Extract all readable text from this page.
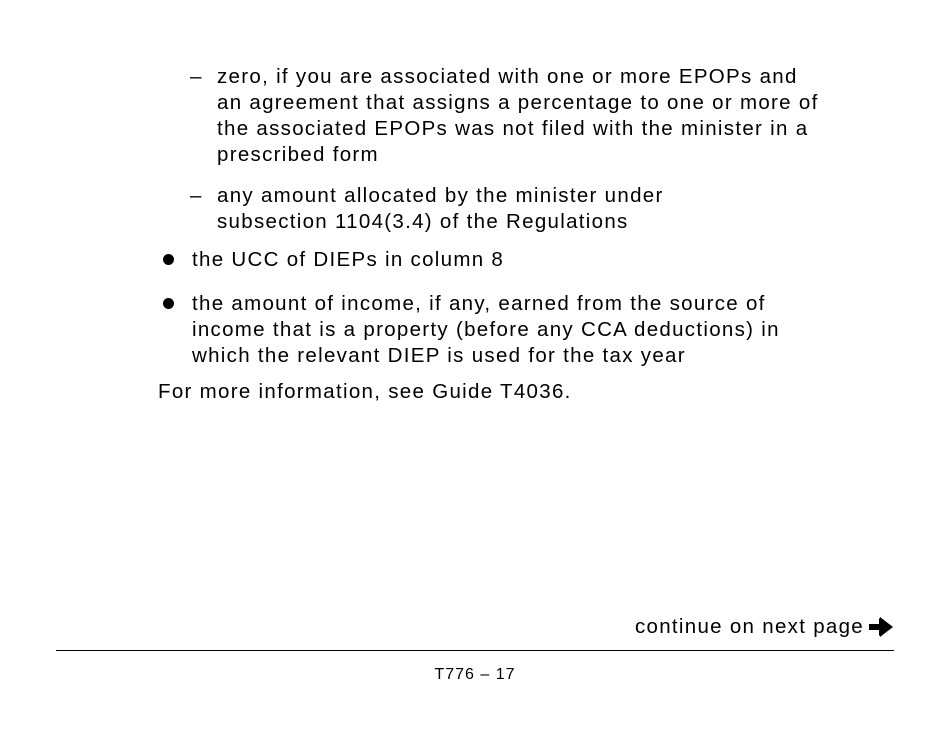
– zero, if you are associated with one or more EPOPs and
an agreement that assigns a percentage to one or more of
the associated EPOPs was not filed with the minister in a
prescribed form
– any amount allocated by the minister under
subsection 1104(3.4) of the Regulations
the UCC of DIEPs in column 8
the amount of income, if any, earned from the source of
income that is a property (before any CCA deductions) in
which the relevant DIEP is used for the tax year
For more information, see Guide T4036.
continue on next page
T776 – 17
